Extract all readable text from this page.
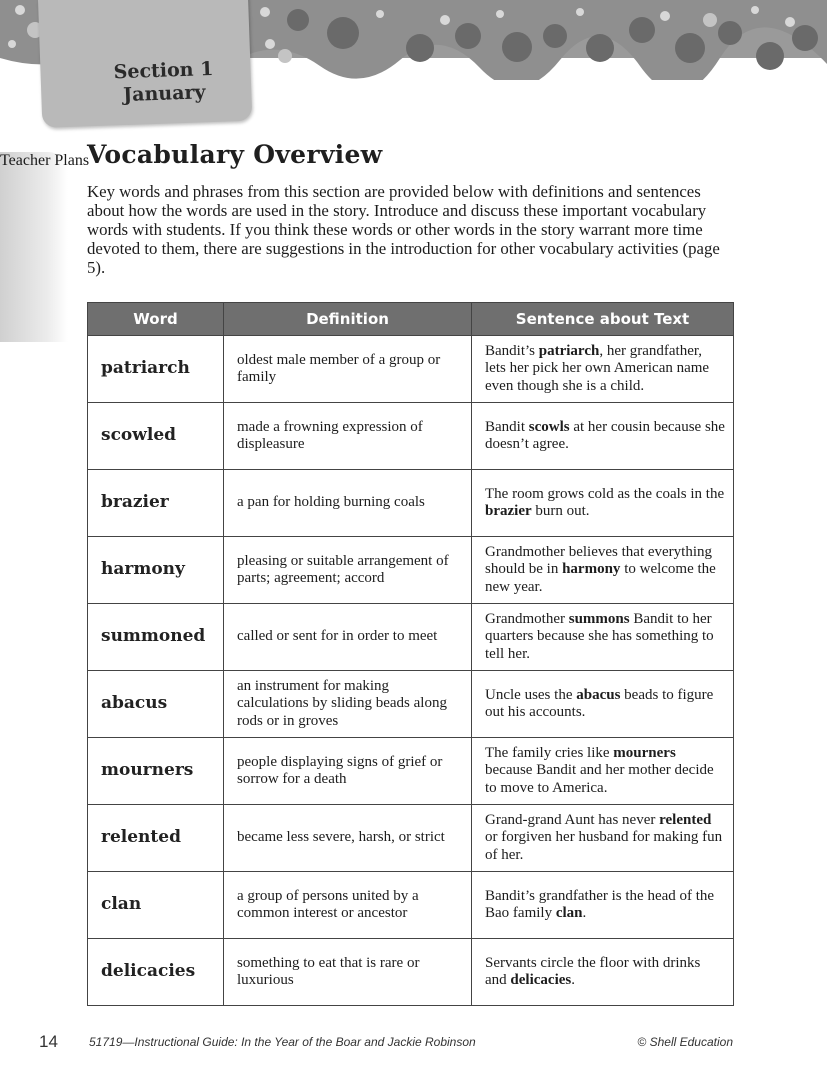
Section 1
January
Teacher Plans
Vocabulary Overview

Key words and phrases from this section are provided below with definitions and sentences about how the words are used in the story. Introduce and discuss these important vocabulary words with students. If you think these words or other words in the story warrant more time devoted to them, there are suggestions in the introduction for other vocabulary activities (page 5).

Word	Definition	Sentence about Text
patriarch	oldest male member of a group or family	Bandit’s patriarch, her grandfather, lets her pick her own American name even though she is a child.
scowled	made a frowning expression of displeasure	Bandit scowls at her cousin because she doesn’t agree.
brazier	a pan for holding burning coals	The room grows cold as the coals in the brazier burn out.
harmony	pleasing or suitable arrangement of parts; agreement; accord	Grandmother believes that everything should be in harmony to welcome the new year.
summoned	called or sent for in order to meet	Grandmother summons Bandit to her quarters because she has something to tell her.
abacus	an instrument for making calculations by sliding beads along rods or in groves	Uncle uses the abacus beads to figure out his accounts.
mourners	people displaying signs of grief or sorrow for a death	The family cries like mourners because Bandit and her mother decide to move to America.
relented	became less severe, harsh, or strict	Grand-grand Aunt has never relented or forgiven her husband for making fun of her.
clan	a group of persons united by a common interest or ancestor	Bandit’s grandfather is the head of the Bao family clan.
delicacies	something to eat that is rare or luxurious	Servants circle the floor with drinks and delicacies.
14	51719—Instructional Guide: In the Year of the Boar and Jackie Robinson	© Shell Education
